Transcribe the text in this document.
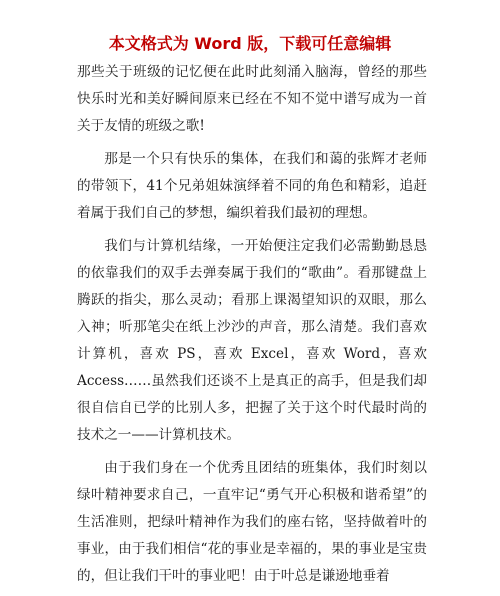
本文格式为 Word 版，下载可任意编辑

那些关于班级的记忆便在此时此刻涌入脑海，曾经的那些快乐时光和美好瞬间原来已经在不知不觉中谱写成为一首关于友情的班级之歌!

那是一个只有快乐的集体，在我们和蔼的张辉才老师的带领下，41个兄弟姐妹演绎着不同的角色和精彩，追赶着属于我们自己的梦想，编织着我们最初的理想。

我们与计算机结缘，一开始便注定我们必需勤勤恳恳的依靠我们的双手去弹奏属于我们的“歌曲”。看那键盘上腾跃的指尖，那么灵动；看那上课渴望知识的双眼，那么入神；听那笔尖在纸上沙沙的声音，那么清楚。我们喜欢计算机，喜欢 PS，喜欢 Excel，喜欢 Word，喜欢 Access……虽然我们还谈不上是真正的高手，但是我们却很自信自已学的比别人多，把握了关于这个时代最时尚的技术之一——计算机技术。

由于我们身在一个优秀且团结的班集体，我们时刻以绿叶精神要求自己，一直牢记“勇气开心积极和谐希望”的生活准则，把绿叶精神作为我们的座右铭，坚持做着叶的事业，由于我们相信“花的事业是幸福的，果的事业是宝贵的，但让我们干叶的事业吧！由于叶总是谦逊地垂着
